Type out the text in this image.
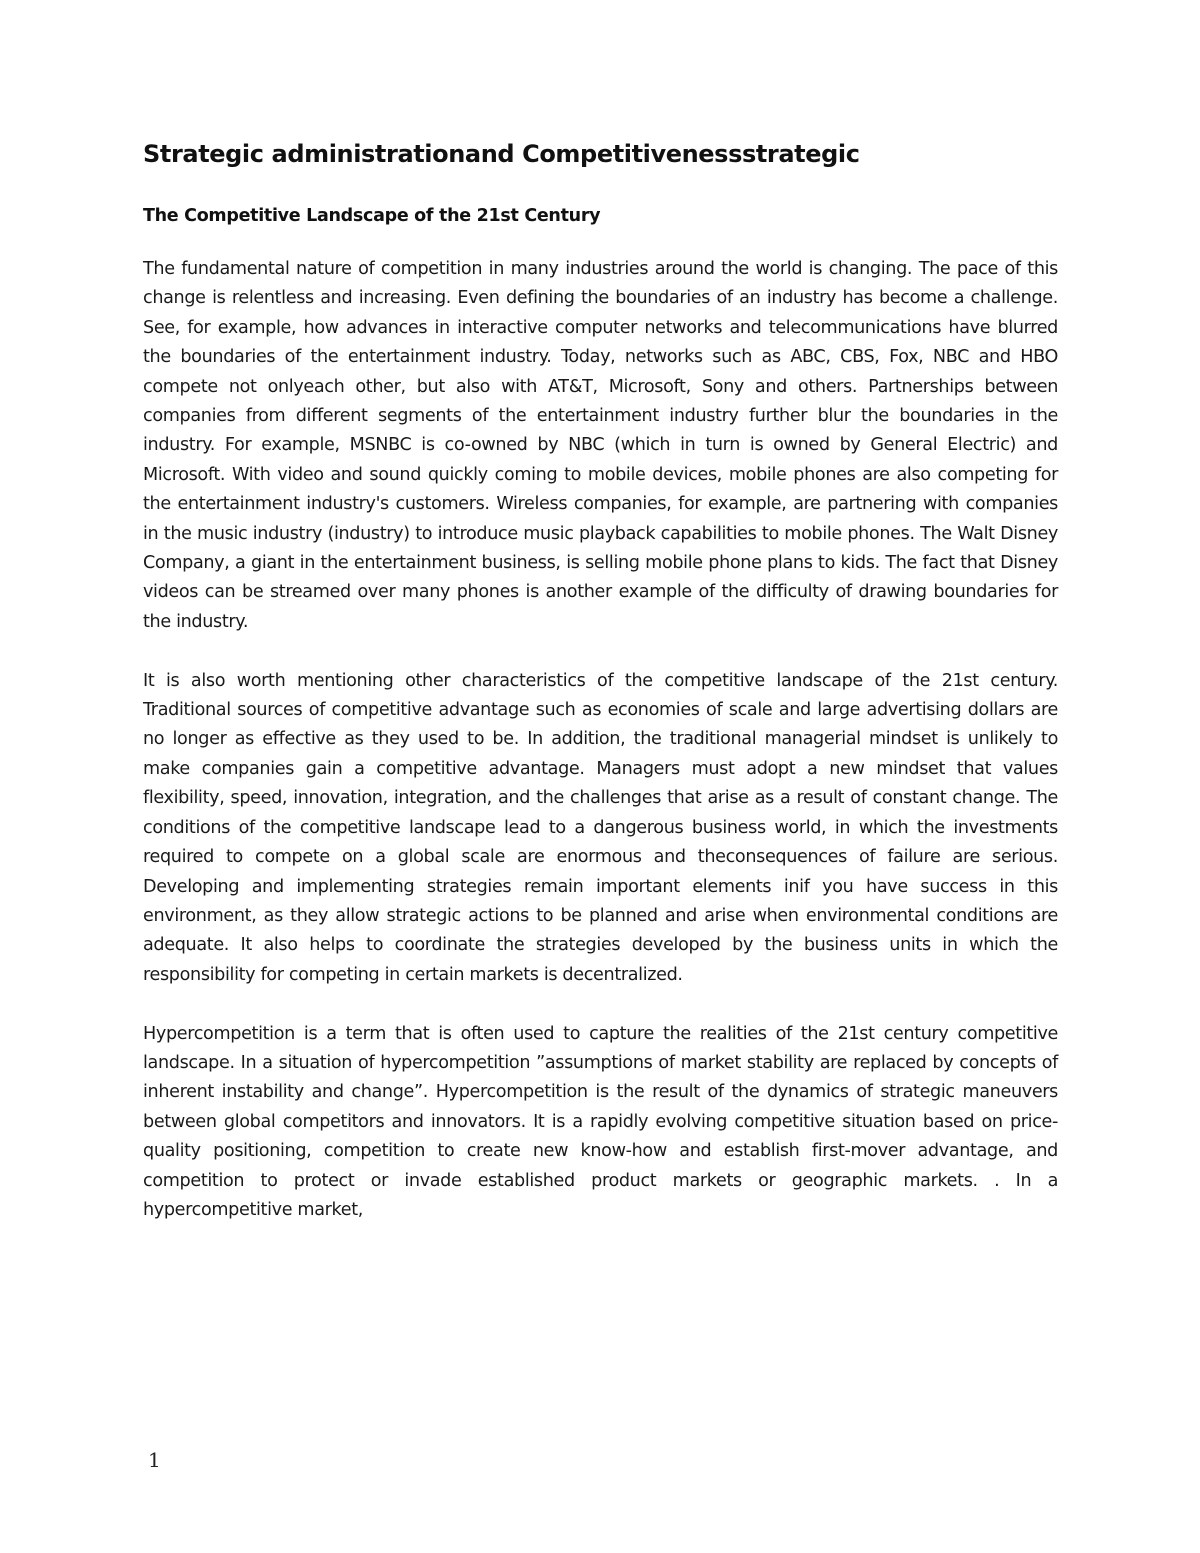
Strategic administrationand Competitivenessstrategic
The Competitive Landscape of the 21st Century

The fundamental nature of competition in many industries around the world is changing. The pace of this change is relentless and increasing. Even defining the boundaries of an industry has become a challenge. See, for example, how advances in interactive computer networks and telecommunications have blurred the boundaries of the entertainment industry. Today, networks such as ABC, CBS, Fox, NBC and HBO compete not onlyeach other, but also with AT&T, Microsoft, Sony and others. Partnerships between companies from different segments of the entertainment industry further blur the boundaries in the industry. For example, MSNBC is co-owned by NBC (which in turn is owned by General Electric) and Microsoft. With video and sound quickly coming to mobile devices, mobile phones are also competing for the entertainment industry's customers. Wireless companies, for example, are partnering with companies in the music industry (industry) to introduce music playback capabilities to mobile phones. The Walt Disney Company, a giant in the entertainment business, is selling mobile phone plans to kids. The fact that Disney videos can be streamed over many phones is another example of the difficulty of drawing boundaries for the industry.

It is also worth mentioning other characteristics of the competitive landscape of the 21st century. Traditional sources of competitive advantage such as economies of scale and large advertising dollars are no longer as effective as they used to be. In addition, the traditional managerial mindset is unlikely to make companies gain a competitive advantage. Managers must adopt a new mindset that values flexibility, speed, innovation, integration, and the challenges that arise as a result of constant change. The conditions of the competitive landscape lead to a dangerous business world, in which the investments required to compete on a global scale are enormous and theconsequences of failure are serious. Developing and implementing strategies remain important elements inif you have success in this environment, as they allow strategic actions to be planned and arise when environmental conditions are adequate. It also helps to coordinate the strategies developed by the business units in which the responsibility for competing in certain markets is decentralized.

Hypercompetition is a term that is often used to capture the realities of the 21st century competitive landscape. In a situation of hypercompetition ”assumptions of market stability are replaced by concepts of inherent instability and change”. Hypercompetition is the result of the dynamics of strategic maneuvers between global competitors and innovators. It is a rapidly evolving competitive situation based on price-quality positioning, competition to create new know-how and establish first-mover advantage, and competition to protect or invade established product markets or geographic markets. . In a hypercompetitive market,

1
